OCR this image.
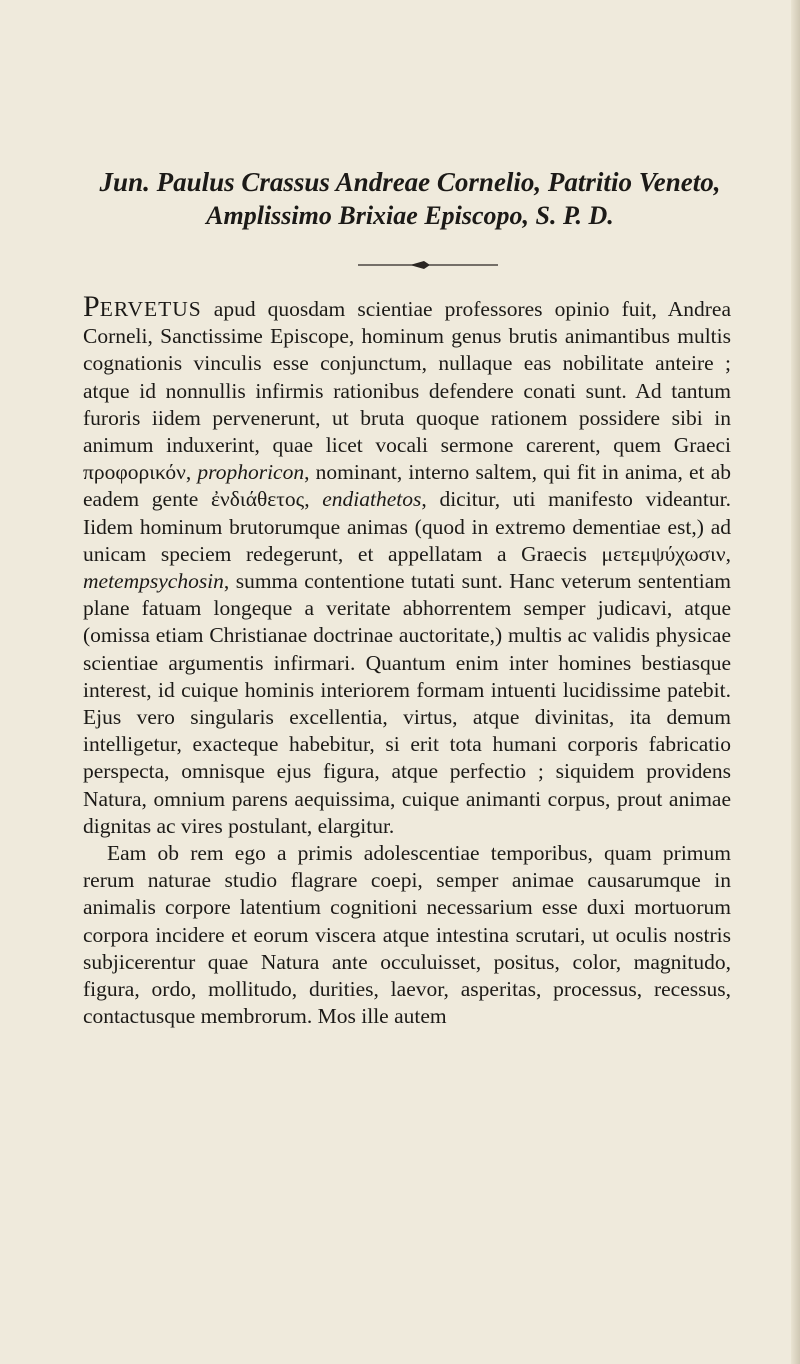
Jun. Paulus Crassus Andreae Cornelio, Patritio Veneto,
Amplissimo Brixiae Episcopo, S. P. D.

PERVETUS apud quosdam scientiae professores opinio fuit, Andrea Corneli, Sanctissime Episcope, hominum genus brutis animantibus multis cognationis vinculis esse conjunctum, nullaque eas nobilitate anteire ; atque id nonnullis infirmis rationibus defendere conati sunt. Ad tantum furoris iidem pervenerunt, ut bruta quoque rationem possidere sibi in animum induxerint, quae licet vocali sermone carerent, quem Graeci προφορικόν, prophoricon, nominant, interno saltem, qui fit in anima, et ab eadem gente ἐνδιάθετος, endiathetos, dicitur, uti manifesto videantur. Iidem hominum brutorumque animas (quod in extremo dementiae est,) ad unicam speciem redegerunt, et appellatam a Graecis μετεμψύχωσιν, metempsychosin, summa contentione tutati sunt. Hanc veterum sententiam plane fatuam longeque a veritate abhorrentem semper judicavi, atque (omissa etiam Christianae doctrinae auctoritate,) multis ac validis physicae scientiae argumentis infirmari. Quantum enim inter homines bestiasque interest, id cuique hominis interiorem formam intuenti lucidissime patebit. Ejus vero singularis excellentia, virtus, atque divinitas, ita demum intelligetur, exacteque habebitur, si erit tota humani corporis fabricatio perspecta, omnisque ejus figura, atque perfectio ; siquidem providens Natura, omnium parens aequissima, cuique animanti corpus, prout animae dignitas ac vires postulant, elargitur.

Eam ob rem ego a primis adolescentiae temporibus, quam primum rerum naturae studio flagrare coepi, semper animae causarumque in animalis corpore latentium cognitioni necessarium esse duxi mortuorum corpora incidere et eorum viscera atque intestina scrutari, ut oculis nostris subjicerentur quae Natura ante occuluisset, positus, color, magnitudo, figura, ordo, mollitudo, durities, laevor, asperitas, processus, recessus, contactusque membrorum. Mos ille autem
